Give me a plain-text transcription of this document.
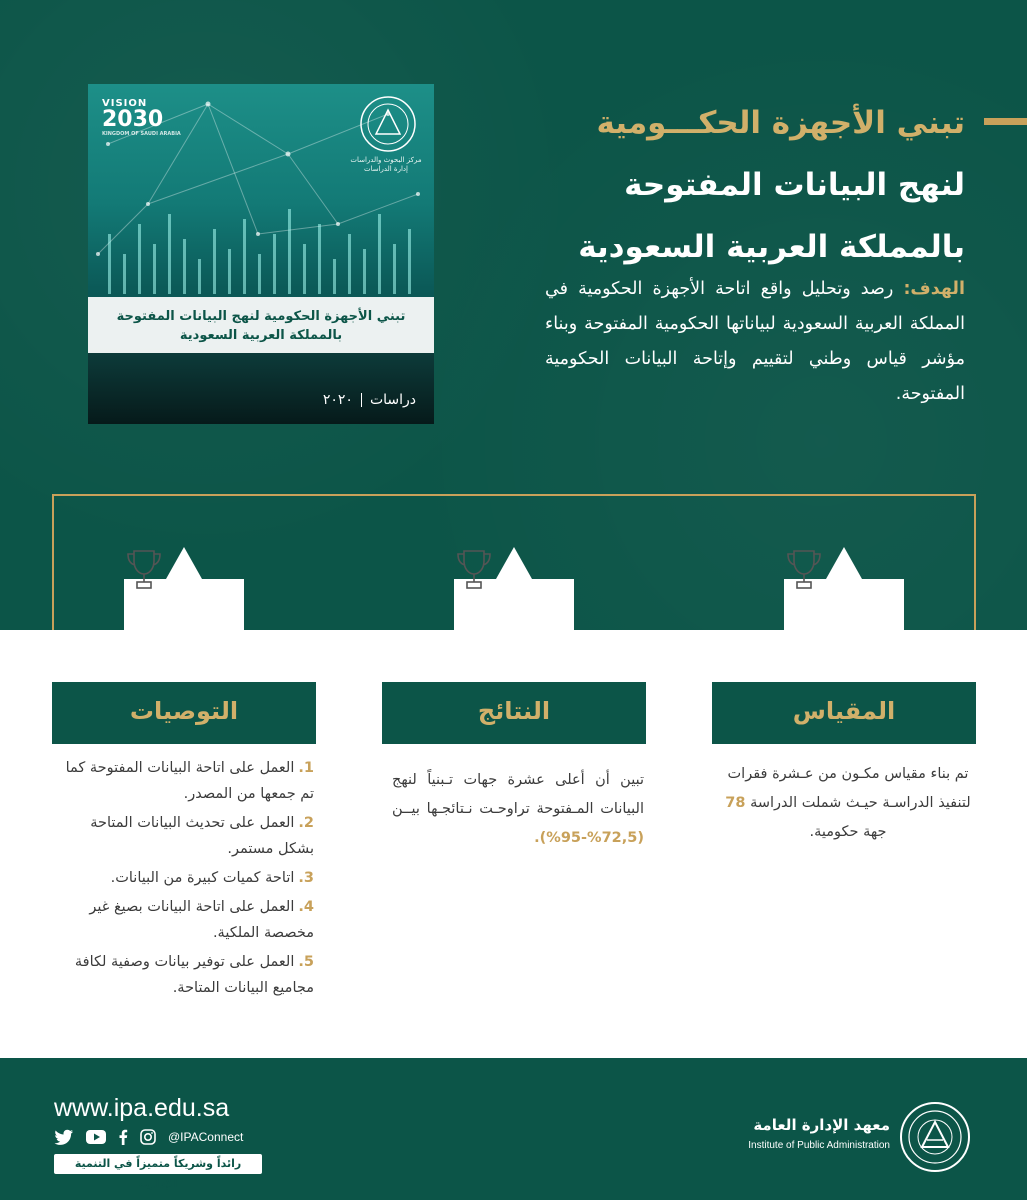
VISION
2030
KINGDOM OF SAUDI ARABIA
مركز البحوث والدراسات
إدارة الدراسات
تبني الأجهزة الحكومية لنهج البيانات المفتوحة
بالمملكة العربية السعودية
دراسات٢٠٢٠
تبني الأجهزة الحكـــومية
لنهج البيانات المفتوحة
بالمملكة العربية السعودية
الهدف: رصد وتحليل واقع اتاحة الأجهزة الحكومية في المملكة العربية السعودية لبياناتها الحكومية المفتوحة وبناء مؤشر قياس وطني لتقييم وإتاحة البيانات الحكومية المفتوحة.
التوصيات	النتائج	المقياس
تم بناء مقياس مكـون من عـشرة فقرات لتنفيذ الدراسـة حيـث شملت الدراسة 78 جهة حكومية.
تبين أن أعلى عشرة جهات تـبنياً لنهج البيانات المـفتوحة تراوحـت نـتائجـها بيــن (72,5%-95%).
1.العمل على اتاحة البيانات المفتوحة كما تم جمعها من المصدر.
2.العمل على تحديث البيانات المتاحة بشكل مستمر.
3.اتاحة كميات كبيرة من البيانات.
4.العمل على اتاحة البيانات بصيغ غير مخصصة الملكية.
5.العمل على توفير بيانات وصفية لكافة مجاميع البيانات المتاحة.
www.ipa.edu.sa
@IPAConnect
رائداً وشريكاً متميزاً في التنمية الإدارية
معهد الإدارة العامة
Institute of Public Administration
